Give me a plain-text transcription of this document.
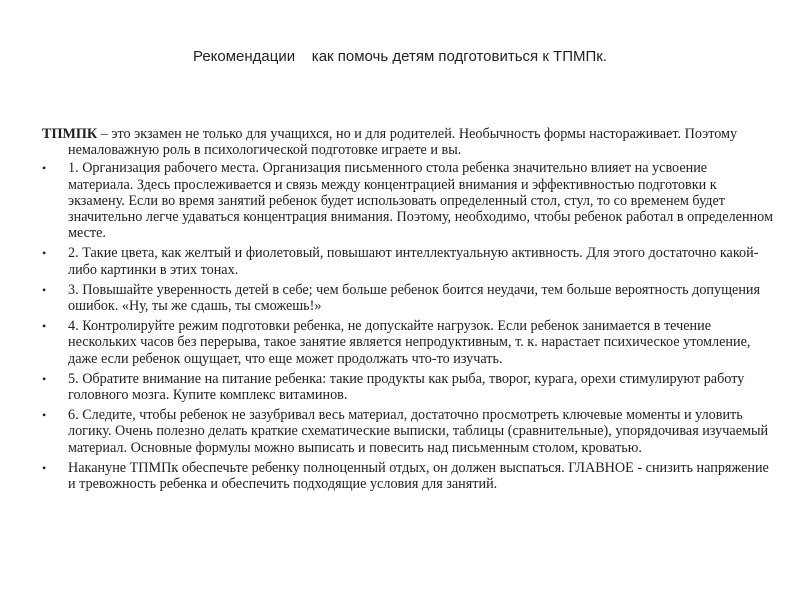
Рекомендации    как помочь детям подготовиться к ТПМПк.

ТПМПК – это экзамен не только для учащихся, но и для родителей. Необычность формы настораживает. Поэтому немаловажную роль в психологической подготовке играете и вы.

• 1. Организация рабочего места. Организация письменного стола ребенка значительно влияет на усвоение материала. Здесь прослеживается и связь между концентрацией внимания и эффективностью подготовки к экзамену. Если во время занятий ребенок будет использовать определенный стол, стул, то со временем будет значительно легче удаваться концентрация внимания. Поэтому, необходимо, чтобы ребенок работал в определенном месте.
• 2. Такие цвета, как желтый и фиолетовый, повышают интеллектуальную активность. Для этого достаточно какой-либо картинки в этих тонах.
• 3. Повышайте уверенность детей в себе; чем больше ребенок боится неудачи, тем больше вероятность допущения ошибок. «Ну, ты же сдашь, ты сможешь!»
• 4. Контролируйте режим подготовки ребенка, не допускайте нагрузок. Если ребенок занимается в течение нескольких часов без перерыва, такое занятие является непродуктивным, т. к. нарастает психическое утомление, даже если ребенок ощущает, что еще может продолжать что-то изучать.
• 5. Обратите внимание на питание ребенка: такие продукты как рыба, творог, курага, орехи стимулируют работу головного мозга. Купите комплекс витаминов.
• 6. Следите, чтобы ребенок не зазубривал весь материал, достаточно просмотреть ключевые моменты и уловить логику. Очень полезно делать краткие схематические выписки, таблицы (сравнительные), упорядочивая изучаемый материал. Основные формулы можно выписать и повесить над письменным столом, кроватью.
• Накануне ТПМПк обеспечьте ребенку полноценный отдых, он должен выспаться. ГЛАВНОЕ - снизить напряжение и тревожность ребенка и обеспечить подходящие условия для занятий.
